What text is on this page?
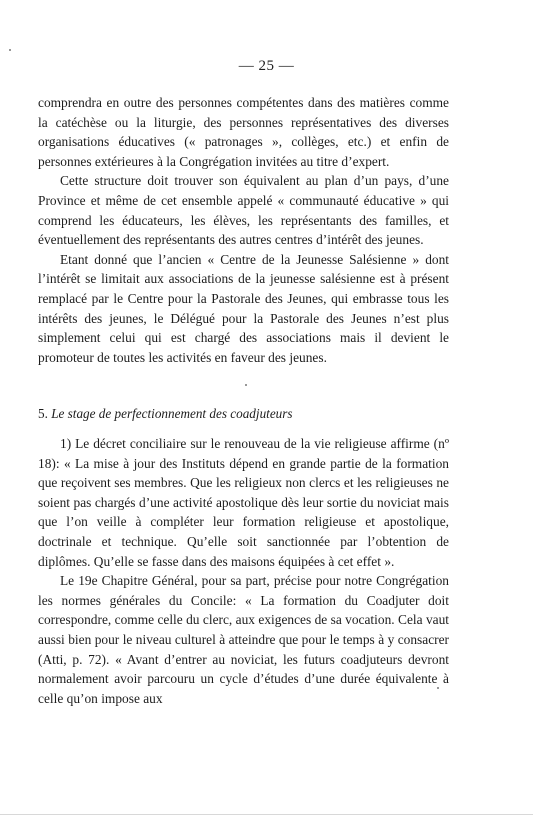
— 25 —

comprendra en outre des personnes compétentes dans des matières comme la catéchèse ou la liturgie, des personnes représentatives des diverses organisations éducatives (« patronages », collèges, etc.) et enfin de personnes extérieures à la Congrégation invitées au titre d’expert.

Cette structure doit trouver son équivalent au plan d’un pays, d’une Province et même de cet ensemble appelé « communauté éducative » qui comprend les éducateurs, les élèves, les représentants des familles, et éventuellement des représentants des autres centres d’intérêt des jeunes.

Etant donné que l’ancien « Centre de la Jeunesse Salésienne » dont l’intérêt se limitait aux associations de la jeunesse salésienne est à présent remplacé par le Centre pour la Pastorale des Jeunes, qui embrasse tous les intérêts des jeunes, le Délégué pour la Pastorale des Jeunes n’est plus simplement celui qui est chargé des associations mais il devient le promoteur de toutes les activités en faveur des jeunes.

5. Le stage de perfectionnement des coadjuteurs

1) Le décret conciliaire sur le renouveau de la vie religieuse affirme (nº 18): « La mise à jour des Instituts dépend en grande partie de la formation que reçoivent ses membres. Que les religieux non clercs et les religieuses ne soient pas chargés d’une activité apostolique dès leur sortie du noviciat mais que l’on veille à compléter leur formation religieuse et apostolique, doctrinale et technique. Qu’elle soit sanctionnée par l’obtention de diplômes. Qu’elle se fasse dans des maisons équipées à cet effet ».

Le 19e Chapitre Général, pour sa part, précise pour notre Congrégation les normes générales du Concile: « La formation du Coadjuter doit correspondre, comme celle du clerc, aux exigences de sa vocation. Cela vaut aussi bien pour le niveau culturel à atteindre que pour le temps à y consacrer (Atti, p. 72). « Avant d’entrer au noviciat, les futurs coadjuteurs devront normalement avoir parcouru un cycle d’études d’une durée équivalente à celle qu’on impose aux
